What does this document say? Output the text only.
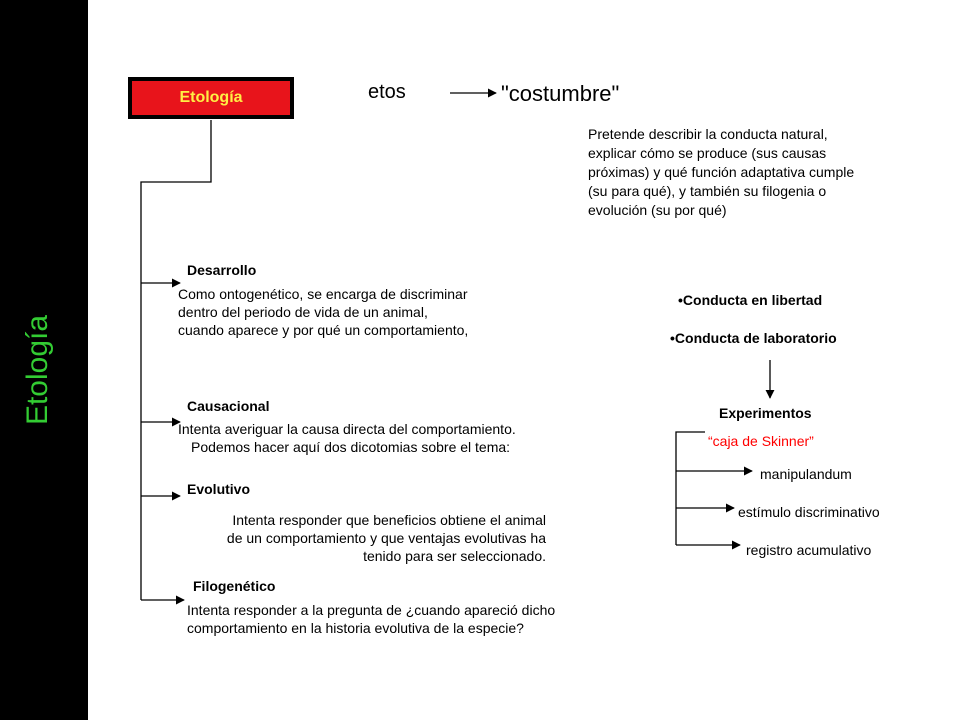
Etología
Etología	etos	"costumbre"
Pretende describir la conducta natural,
explicar cómo se produce (sus causas
próximas) y qué función adaptativa cumple
(su para qué), y también su filogenia o
evolución (su por qué)
Desarrollo
Como ontogenético, se encarga de discriminar
dentro del periodo de vida de un animal,
cuando aparece y por qué un comportamiento,
Causacional
Intenta averiguar la causa directa del comportamiento.
Podemos hacer aquí dos dicotomias sobre el tema:
Evolutivo
Intenta responder que beneficios obtiene el animal
de un comportamiento y que ventajas evolutivas ha
tenido para ser seleccionado.
Filogenético
Intenta responder a la pregunta de ¿cuando apareció dicho
comportamiento en la historia evolutiva de la especie?
•Conducta en libertad
•Conducta de laboratorio
Experimentos
“caja de Skinner”
manipulandum
estímulo discriminativo
registro acumulativo
